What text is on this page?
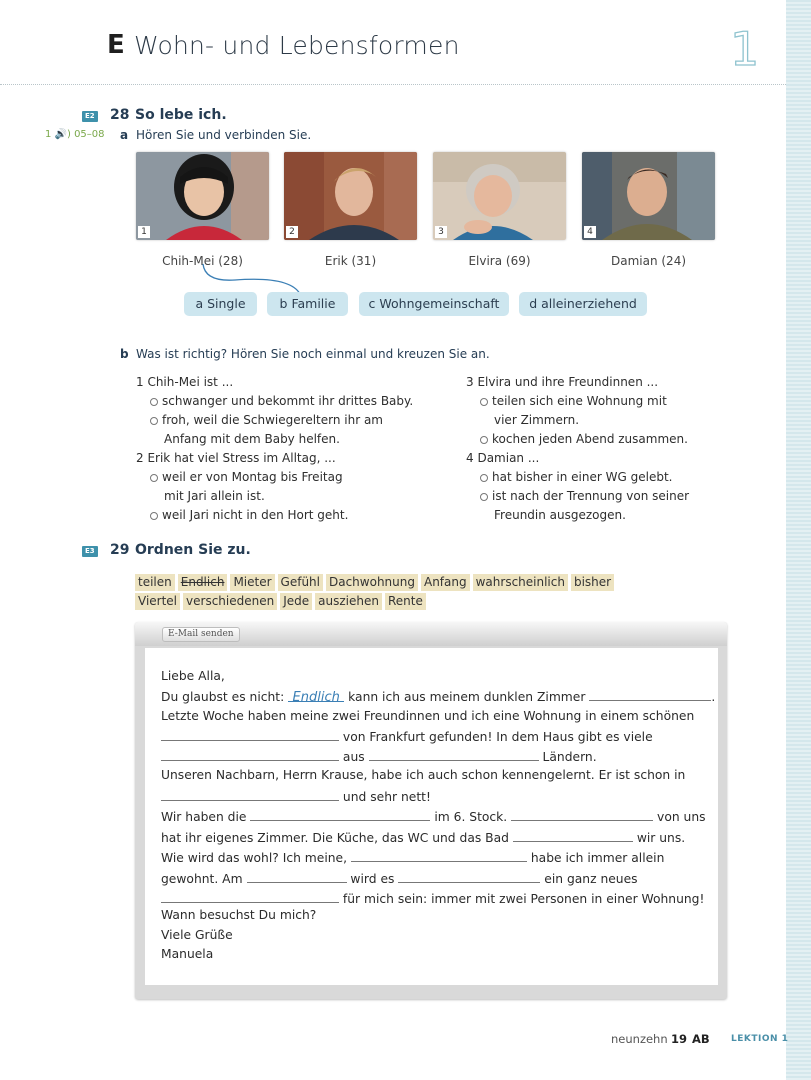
E Wohn- und Lebensformen	1
E2 28 So lebe ich.
1 🔊) 05–08 a Hören Sie und verbinden Sie.
1	2	3	4
Chih-Mei (28)	Erik (31)	Elvira (69)	Damian (24)
a Single	b Familie	c Wohngemeinschaft	d alleinerziehend
b Was ist richtig? Hören Sie noch einmal und kreuzen Sie an.
1 Chih-Mei ist ...
schwanger und bekommt ihr drittes Baby.
froh, weil die Schwiegereltern ihr am
Anfang mit dem Baby helfen.
2 Erik hat viel Stress im Alltag, ...
weil er von Montag bis Freitag
mit Jari allein ist.
weil Jari nicht in den Hort geht.
3 Elvira und ihre Freundinnen ...
teilen sich eine Wohnung mit
vier Zimmern.
kochen jeden Abend zusammen.
4 Damian ...
hat bisher in einer WG gelebt.
ist nach der Trennung von seiner
Freundin ausgezogen.
E3 29 Ordnen Sie zu.
teilen Endlich Mieter Gefühl Dachwohnung Anfang wahrscheinlich bisher
Viertel verschiedenen Jede ausziehen Rente
E-Mail senden
Liebe Alla,
Du glaubst es nicht: Endlich kann ich aus meinem dunklen Zimmer	.
Letzte Woche haben meine zwei Freundinnen und ich eine Wohnung in einem schönen
von Frankfurt gefunden! In dem Haus gibt es viele
aus	Ländern.
Unseren Nachbarn, Herrn Krause, habe ich auch schon kennengelernt. Er ist schon in
und sehr nett!
Wir haben die	im 6. Stock.	von uns
hat ihr eigenes Zimmer. Die Küche, das WC und das Bad	wir uns.
Wie wird das wohl? Ich meine,	habe ich immer allein
gewohnt. Am	wird es	ein ganz neues
für mich sein: immer mit zwei Personen in einer Wohnung!
Wann besuchst Du mich?
Viele Grüße
Manuela
neunzehn 19 AB LEKTION 1
